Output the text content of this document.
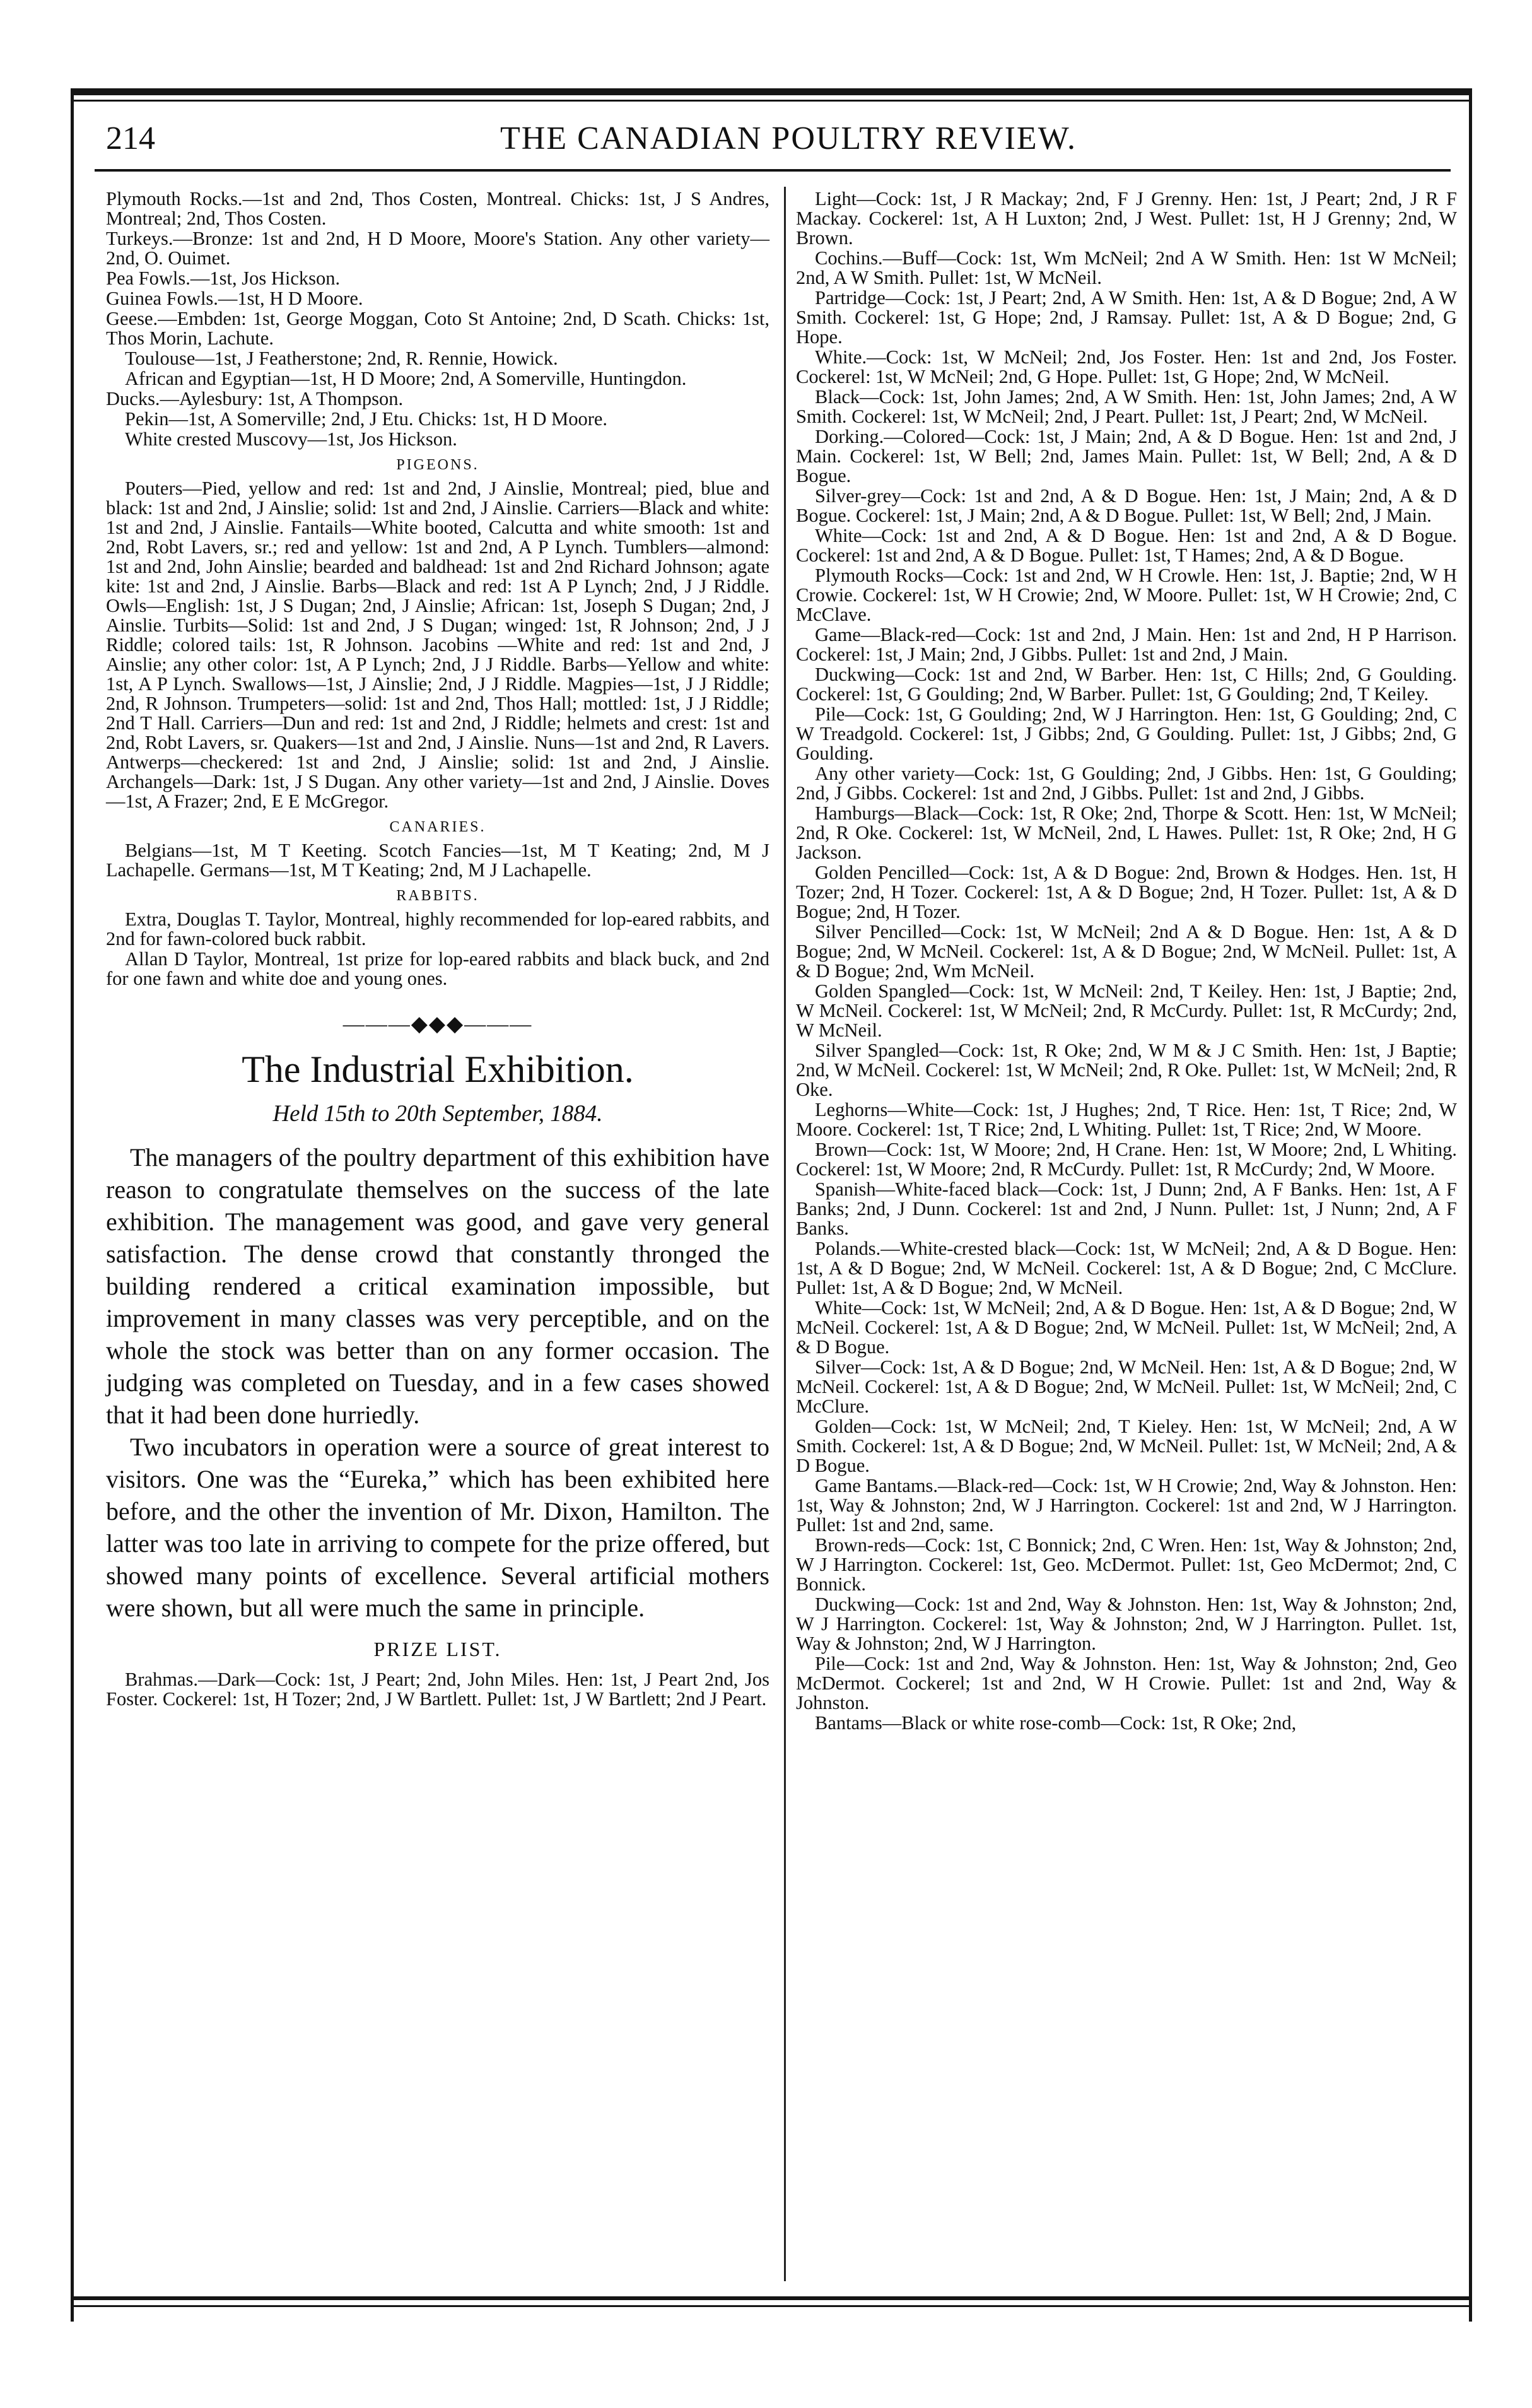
214	THE CANADIAN POULTRY REVIEW.

Plymouth Rocks.—1st and 2nd, Thos Costen, Montreal. Chicks: 1st, J S Andres, Montreal; 2nd, Thos Costen.

Turkeys.—Bronze: 1st and 2nd, H D Moore, Moore's Station. Any other variety—2nd, O. Ouimet.

Pea Fowls.—1st, Jos Hickson.

Guinea Fowls.—1st, H D Moore.

Geese.—Embden: 1st, George Moggan, Coto St Antoine; 2nd, D Scath. Chicks: 1st, Thos Morin, Lachute.

Toulouse—1st, J Featherstone; 2nd, R. Rennie, Howick.

African and Egyptian—1st, H D Moore; 2nd, A Somerville, Huntingdon.

Ducks.—Aylesbury: 1st, A Thompson.

Pekin—1st, A Somerville; 2nd, J Etu. Chicks: 1st, H D Moore.

White crested Muscovy—1st, Jos Hickson.

PIGEONS.

Pouters—Pied, yellow and red: 1st and 2nd, J Ainslie, Montreal; pied, blue and black: 1st and 2nd, J Ainslie; solid: 1st and 2nd, J Ainslie. Carriers—Black and white: 1st and 2nd, J Ainslie. Fantails—White booted, Calcutta and white smooth: 1st and 2nd, Robt Lavers, sr.; red and yellow: 1st and 2nd, A P Lynch. Tumblers—almond: 1st and 2nd, John Ainslie; bearded and baldhead: 1st and 2nd Richard Johnson; agate kite: 1st and 2nd, J Ainslie. Barbs—Black and red: 1st A P Lynch; 2nd, J J Riddle. Owls—English: 1st, J S Dugan; 2nd, J Ainslie; African: 1st, Joseph S Dugan; 2nd, J Ainslie. Turbits—Solid: 1st and 2nd, J S Dugan; winged: 1st, R Johnson; 2nd, J J Riddle; colored tails: 1st, R Johnson. Jacobins —White and red: 1st and 2nd, J Ainslie; any other color: 1st, A P Lynch; 2nd, J J Riddle. Barbs—Yellow and white: 1st, A P Lynch. Swallows—1st, J Ainslie; 2nd, J J Riddle. Magpies—1st, J J Riddle; 2nd, R Johnson. Trumpeters—solid: 1st and 2nd, Thos Hall; mottled: 1st, J J Riddle; 2nd T Hall. Carriers—Dun and red: 1st and 2nd, J Riddle; helmets and crest: 1st and 2nd, Robt Lavers, sr. Quakers—1st and 2nd, J Ainslie. Nuns—1st and 2nd, R Lavers. Antwerps—checkered: 1st and 2nd, J Ainslie; solid: 1st and 2nd, J Ainslie. Archangels—Dark: 1st, J S Dugan. Any other variety—1st and 2nd, J Ainslie. Doves—1st, A Frazer; 2nd, E E McGregor.

CANARIES.

Belgians—1st, M T Keeting. Scotch Fancies—1st, M T Keating; 2nd, M J Lachapelle. Germans—1st, M T Keating; 2nd, M J Lachapelle.

RABBITS.

Extra, Douglas T. Taylor, Montreal, highly recommended for lop-eared rabbits, and 2nd for fawn-colored buck rabbit.

Allan D Taylor, Montreal, 1st prize for lop-eared rabbits and black buck, and 2nd for one fawn and white doe and young ones.

———◆◆◆———
The Industrial Exhibition.
Held 15th to 20th September, 1884.

The managers of the poultry department of this exhibition have reason to congratulate themselves on the success of the late exhibition. The management was good, and gave very general satisfaction. The dense crowd that constantly thronged the building rendered a critical examination impossible, but improvement in many classes was very perceptible, and on the whole the stock was better than on any former occasion. The judging was completed on Tuesday, and in a few cases showed that it had been done hurriedly.

Two incubators in operation were a source of great interest to visitors. One was the “Eureka,” which has been exhibited here before, and the other the invention of Mr. Dixon, Hamilton. The latter was too late in arriving to compete for the prize offered, but showed many points of excellence. Several artificial mothers were shown, but all were much the same in principle.

PRIZE LIST.

Brahmas.—Dark—Cock: 1st, J Peart; 2nd, John Miles. Hen: 1st, J Peart 2nd, Jos Foster. Cockerel: 1st, H Tozer; 2nd, J W Bartlett. Pullet: 1st, J W Bartlett; 2nd J Peart.

Light—Cock: 1st, J R Mackay; 2nd, F J Grenny. Hen: 1st, J Peart; 2nd, J R F Mackay. Cockerel: 1st, A H Luxton; 2nd, J West. Pullet: 1st, H J Grenny; 2nd, W Brown.

Cochins.—Buff—Cock: 1st, Wm McNeil; 2nd A W Smith. Hen: 1st W McNeil; 2nd, A W Smith. Pullet: 1st, W McNeil.

Partridge—Cock: 1st, J Peart; 2nd, A W Smith. Hen: 1st, A & D Bogue; 2nd, A W Smith. Cockerel: 1st, G Hope; 2nd, J Ramsay. Pullet: 1st, A & D Bogue; 2nd, G Hope.

White.—Cock: 1st, W McNeil; 2nd, Jos Foster. Hen: 1st and 2nd, Jos Foster. Cockerel: 1st, W McNeil; 2nd, G Hope. Pullet: 1st, G Hope; 2nd, W McNeil.

Black—Cock: 1st, John James; 2nd, A W Smith. Hen: 1st, John James; 2nd, A W Smith. Cockerel: 1st, W McNeil; 2nd, J Peart. Pullet: 1st, J Peart; 2nd, W McNeil.

Dorking.—Colored—Cock: 1st, J Main; 2nd, A & D Bogue. Hen: 1st and 2nd, J Main. Cockerel: 1st, W Bell; 2nd, James Main. Pullet: 1st, W Bell; 2nd, A & D Bogue.

Silver-grey—Cock: 1st and 2nd, A & D Bogue. Hen: 1st, J Main; 2nd, A & D Bogue. Cockerel: 1st, J Main; 2nd, A & D Bogue. Pullet: 1st, W Bell; 2nd, J Main.

White—Cock: 1st and 2nd, A & D Bogue. Hen: 1st and 2nd, A & D Bogue. Cockerel: 1st and 2nd, A & D Bogue. Pullet: 1st, T Hames; 2nd, A & D Bogue.

Plymouth Rocks—Cock: 1st and 2nd, W H Crowle. Hen: 1st, J. Baptie; 2nd, W H Crowie. Cockerel: 1st, W H Crowie; 2nd, W Moore. Pullet: 1st, W H Crowie; 2nd, C McClave.

Game—Black-red—Cock: 1st and 2nd, J Main. Hen: 1st and 2nd, H P Harrison. Cockerel: 1st, J Main; 2nd, J Gibbs. Pullet: 1st and 2nd, J Main.

Duckwing—Cock: 1st and 2nd, W Barber. Hen: 1st, C Hills; 2nd, G Goulding. Cockerel: 1st, G Goulding; 2nd, W Barber. Pullet: 1st, G Goulding; 2nd, T Keiley.

Pile—Cock: 1st, G Goulding; 2nd, W J Harrington. Hen: 1st, G Goulding; 2nd, C W Treadgold. Cockerel: 1st, J Gibbs; 2nd, G Goulding. Pullet: 1st, J Gibbs; 2nd, G Goulding.

Any other variety—Cock: 1st, G Goulding; 2nd, J Gibbs. Hen: 1st, G Goulding; 2nd, J Gibbs. Cockerel: 1st and 2nd, J Gibbs. Pullet: 1st and 2nd, J Gibbs.

Hamburgs—Black—Cock: 1st, R Oke; 2nd, Thorpe & Scott. Hen: 1st, W McNeil; 2nd, R Oke. Cockerel: 1st, W McNeil, 2nd, L Hawes. Pullet: 1st, R Oke; 2nd, H G Jackson.

Golden Pencilled—Cock: 1st, A & D Bogue: 2nd, Brown & Hodges. Hen. 1st, H Tozer; 2nd, H Tozer. Cockerel: 1st, A & D Bogue; 2nd, H Tozer. Pullet: 1st, A & D Bogue; 2nd, H Tozer.

Silver Pencilled—Cock: 1st, W McNeil; 2nd A & D Bogue. Hen: 1st, A & D Bogue; 2nd, W McNeil. Cockerel: 1st, A & D Bogue; 2nd, W McNeil. Pullet: 1st, A & D Bogue; 2nd, Wm McNeil.

Golden Spangled—Cock: 1st, W McNeil: 2nd, T Keiley. Hen: 1st, J Baptie; 2nd, W McNeil. Cockerel: 1st, W McNeil; 2nd, R McCurdy. Pullet: 1st, R McCurdy; 2nd, W McNeil.

Silver Spangled—Cock: 1st, R Oke; 2nd, W M & J C Smith. Hen: 1st, J Baptie; 2nd, W McNeil. Cockerel: 1st, W McNeil; 2nd, R Oke. Pullet: 1st, W McNeil; 2nd, R Oke.

Leghorns—White—Cock: 1st, J Hughes; 2nd, T Rice. Hen: 1st, T Rice; 2nd, W Moore. Cockerel: 1st, T Rice; 2nd, L Whiting. Pullet: 1st, T Rice; 2nd, W Moore.

Brown—Cock: 1st, W Moore; 2nd, H Crane. Hen: 1st, W Moore; 2nd, L Whiting. Cockerel: 1st, W Moore; 2nd, R McCurdy. Pullet: 1st, R McCurdy; 2nd, W Moore.

Spanish—White-faced black—Cock: 1st, J Dunn; 2nd, A F Banks. Hen: 1st, A F Banks; 2nd, J Dunn. Cockerel: 1st and 2nd, J Nunn. Pullet: 1st, J Nunn; 2nd, A F Banks.

Polands.—White-crested black—Cock: 1st, W McNeil; 2nd, A & D Bogue. Hen: 1st, A & D Bogue; 2nd, W McNeil. Cockerel: 1st, A & D Bogue; 2nd, C McClure. Pullet: 1st, A & D Bogue; 2nd, W McNeil.

White—Cock: 1st, W McNeil; 2nd, A & D Bogue. Hen: 1st, A & D Bogue; 2nd, W McNeil. Cockerel: 1st, A & D Bogue; 2nd, W McNeil. Pullet: 1st, W McNeil; 2nd, A & D Bogue.

Silver—Cock: 1st, A & D Bogue; 2nd, W McNeil. Hen: 1st, A & D Bogue; 2nd, W McNeil. Cockerel: 1st, A & D Bogue; 2nd, W McNeil. Pullet: 1st, W McNeil; 2nd, C McClure.

Golden—Cock: 1st, W McNeil; 2nd, T Kieley. Hen: 1st, W McNeil; 2nd, A W Smith. Cockerel: 1st, A & D Bogue; 2nd, W McNeil. Pullet: 1st, W McNeil; 2nd, A & D Bogue.

Game Bantams.—Black-red—Cock: 1st, W H Crowie; 2nd, Way & Johnston. Hen: 1st, Way & Johnston; 2nd, W J Harrington. Cockerel: 1st and 2nd, W J Harrington. Pullet: 1st and 2nd, same.

Brown-reds—Cock: 1st, C Bonnick; 2nd, C Wren. Hen: 1st, Way & Johnston; 2nd, W J Harrington. Cockerel: 1st, Geo. McDermot. Pullet: 1st, Geo McDermot; 2nd, C Bonnick.

Duckwing—Cock: 1st and 2nd, Way & Johnston. Hen: 1st, Way & Johnston; 2nd, W J Harrington. Cockerel: 1st, Way & Johnston; 2nd, W J Harrington. Pullet. 1st, Way & Johnston; 2nd, W J Harrington.

Pile—Cock: 1st and 2nd, Way & Johnston. Hen: 1st, Way & Johnston; 2nd, Geo McDermot. Cockerel; 1st and 2nd, W H Crowie. Pullet: 1st and 2nd, Way & Johnston.

Bantams—Black or white rose-comb—Cock: 1st, R Oke; 2nd,
